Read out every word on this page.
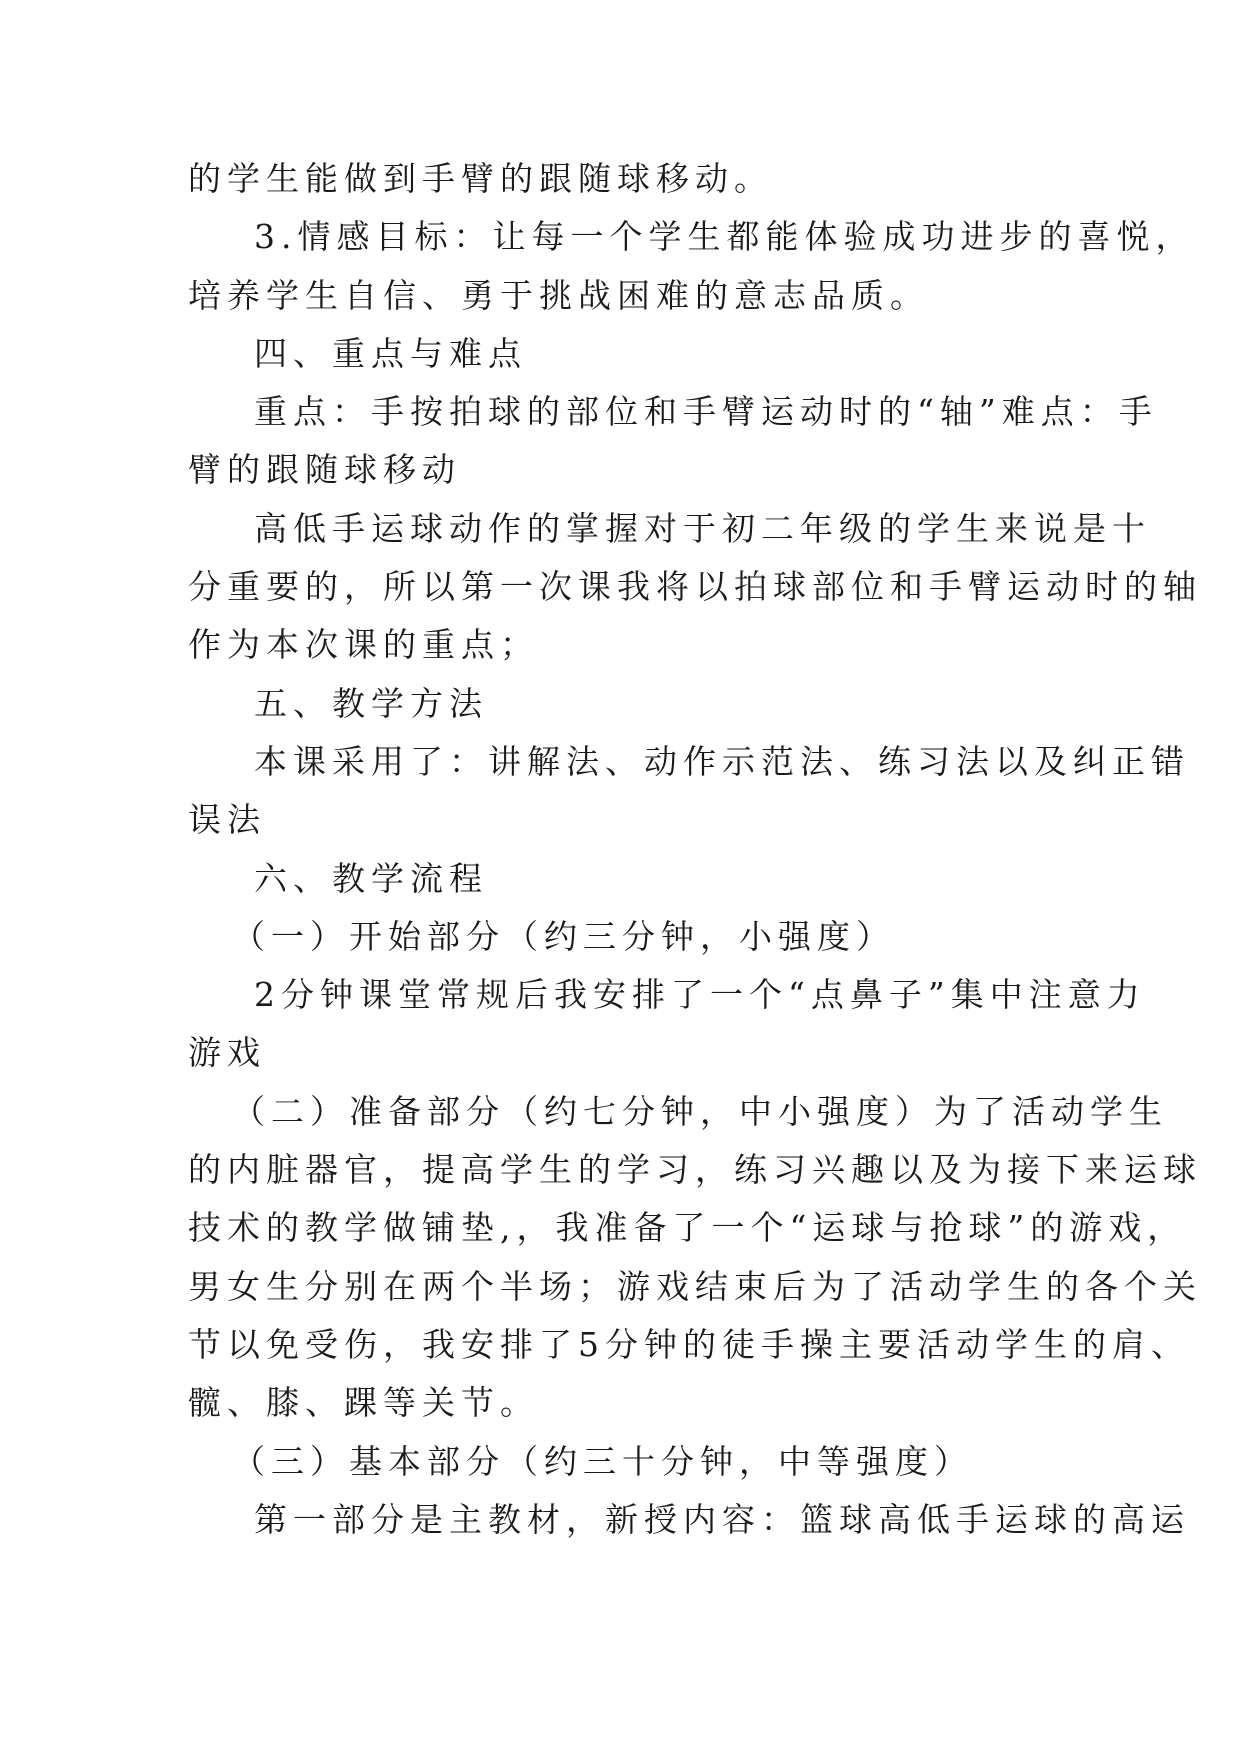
的学生能做到手臂的跟随球移动。
3.情感目标：让每一个学生都能体验成功进步的喜悦，
培养学生自信、勇于挑战困难的意志品质。
四、重点与难点
重点：手按拍球的部位和手臂运动时的“轴”难点：手
臂的跟随球移动
高低手运球动作的掌握对于初二年级的学生来说是十
分重要的，所以第一次课我将以拍球部位和手臂运动时的轴
作为本次课的重点；
五、教学方法
本课采用了：讲解法、动作示范法、练习法以及纠正错
误法
六、教学流程
（一）开始部分（约三分钟，小强度）
2分钟课堂常规后我安排了一个“点鼻子”集中注意力
游戏
（二）准备部分（约七分钟，中小强度）为了活动学生
的内脏器官，提高学生的学习，练习兴趣以及为接下来运球
技术的教学做铺垫,，我准备了一个“运球与抢球”的游戏，
男女生分别在两个半场；游戏结束后为了活动学生的各个关
节以免受伤，我安排了5分钟的徒手操主要活动学生的肩、
髋、膝、踝等关节。
（三）基本部分（约三十分钟，中等强度）
第一部分是主教材，新授内容：篮球高低手运球的高运
